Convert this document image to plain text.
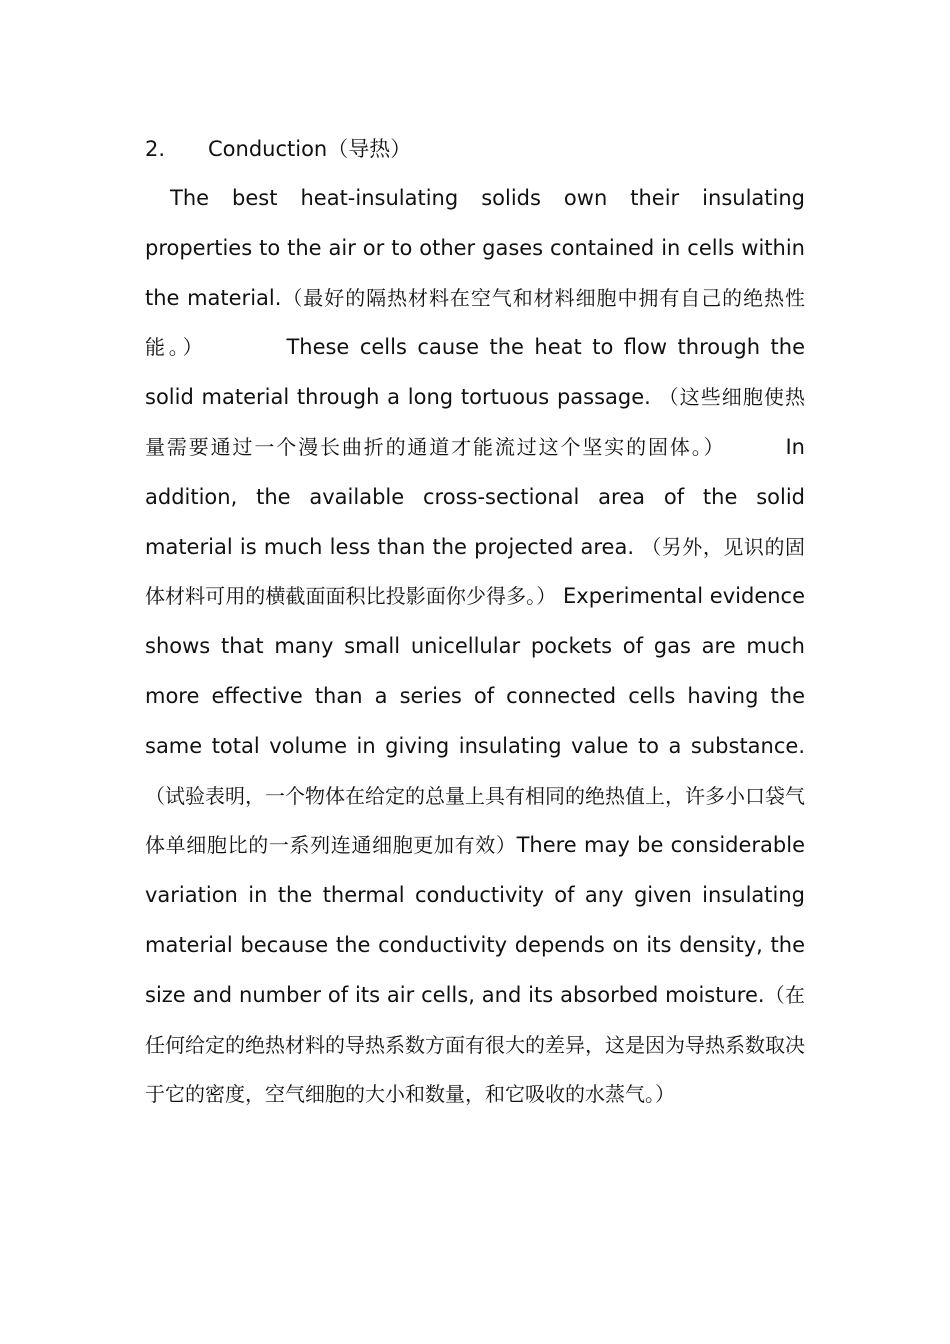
2. Conduction（导热）

The best heat-insulating solids own their insulating properties to the air or to other gases contained in cells within the material.（最好的隔热材料在空气和材料细胞中拥有自己的绝热性能。）	These cells cause the heat to flow through the solid material through a long tortuous passage. （这些细胞使热量需要通过一个漫长曲折的通道才能流过这个坚实的固体。）	In addition, the available cross-sectional area of the solid material is much less than the projected area. （另外，见识的固体材料可用的横截面面积比投影面你少得多。） Experimental evidence shows that many small unicellular pockets of gas are much more effective than a series of connected cells having the same total volume in giving insulating value to a substance. （试验表明，一个物体在给定的总量上具有相同的绝热值上，许多小口袋气体单细胞比的一系列连通细胞更加有效）There may be considerable variation in the thermal conductivity of any given insulating material because the conductivity depends on its density, the size and number of its air cells, and its absorbed moisture.（在任何给定的绝热材料的导热系数方面有很大的差异，这是因为导热系数取决于它的密度，空气细胞的大小和数量，和它吸收的水蒸气。）
